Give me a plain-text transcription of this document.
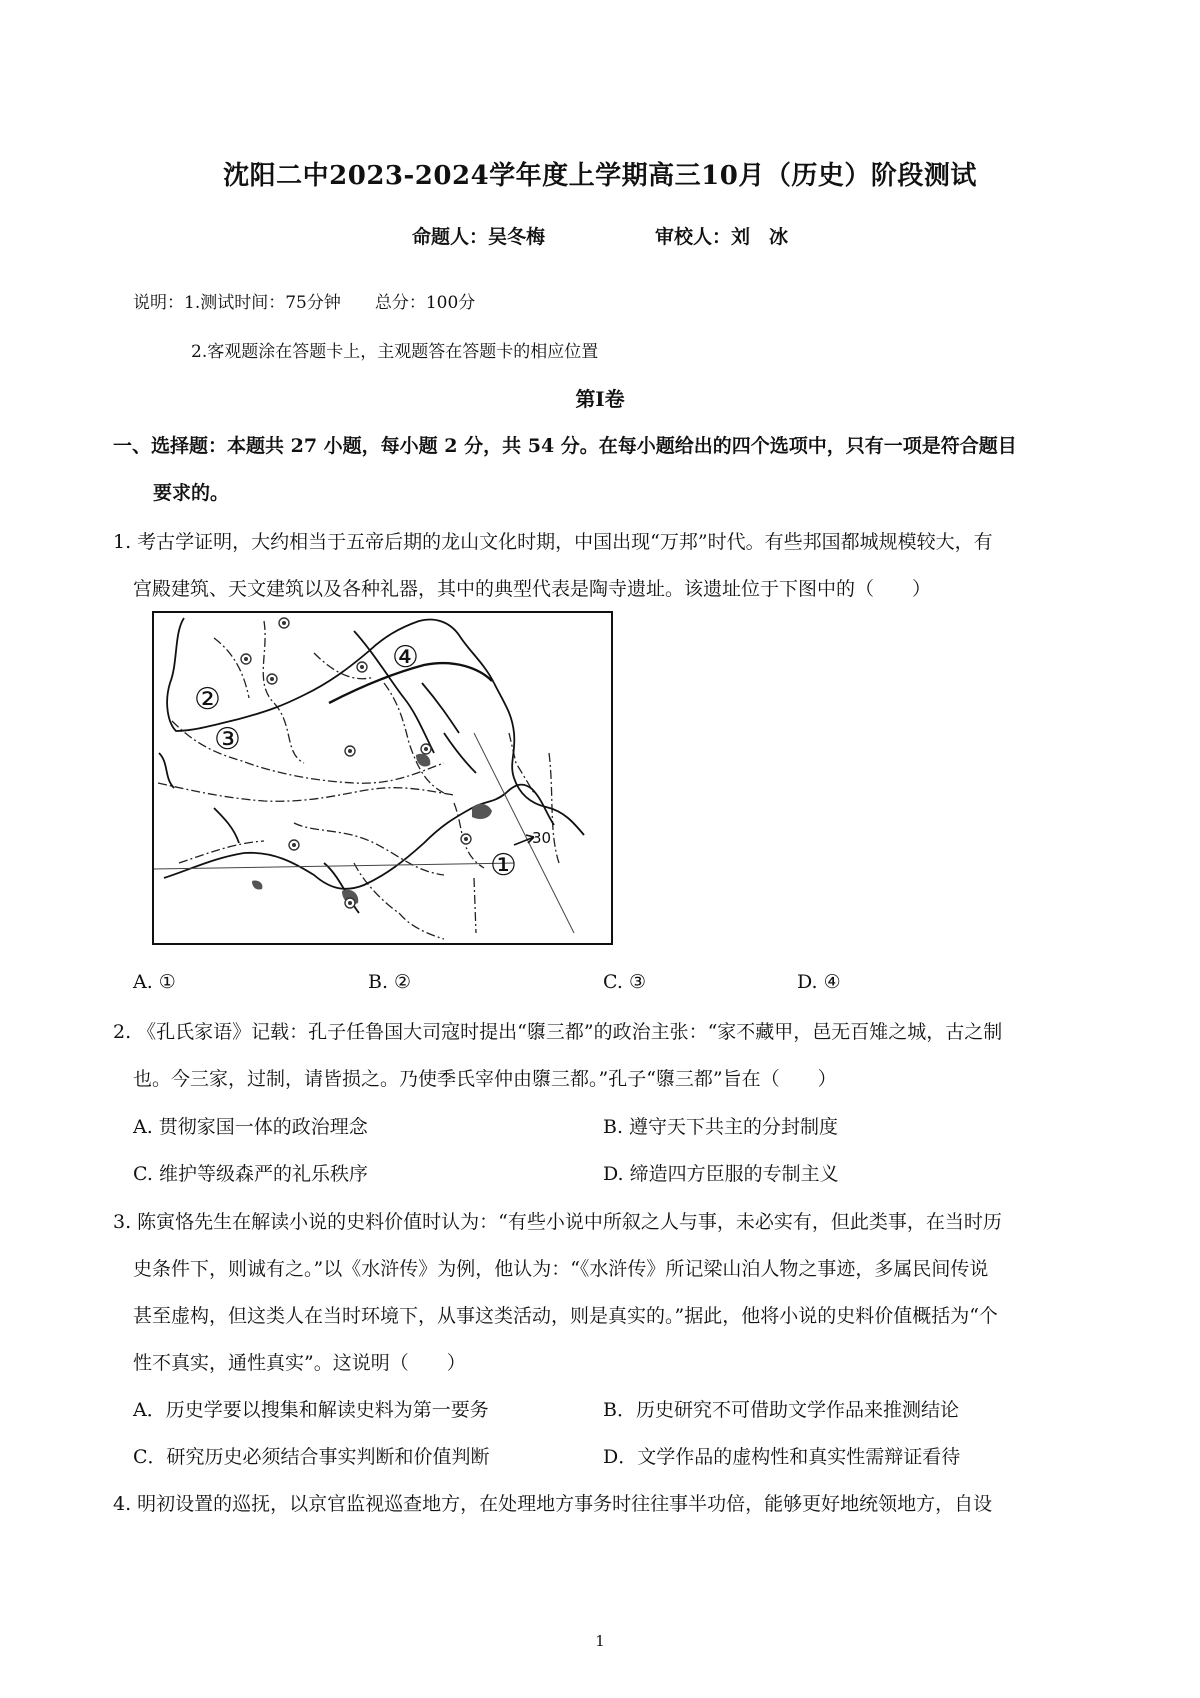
沈阳二中2023-2024学年度上学期高三10月（历史）阶段测试
命题人：吴冬梅	审校人：刘　冰
说明：1.测试时间：75分钟 总分：100分
2.客观题涂在答题卡上，主观题答在答题卡的相应位置
第Ⅰ卷
一、选择题：本题共 27 小题，每小题 2 分，共 54 分。在每小题给出的四个选项中，只有一项是符合题目
要求的。
1. 考古学证明，大约相当于五帝后期的龙山文化时期，中国出现“万邦”时代。有些邦国都城规模较大，有
宫殿建筑、天文建筑以及各种礼器，其中的典型代表是陶寺遗址。该遗址位于下图中的（　　）
①
②
③
④
30
A. ①	B. ②	C. ③	D. ④
2. 《孔氏家语》记载：孔子任鲁国大司寇时提出“隳三都”的政治主张：“家不藏甲，邑无百雉之城，古之制
也。今三家，过制，请皆损之。乃使季氏宰仲由隳三都。”孔子“隳三都”旨在（　　）
A. 贯彻家国一体的政治理念	B. 遵守天下共主的分封制度
C. 维护等级森严的礼乐秩序	D. 缔造四方臣服的专制主义
3. 陈寅恪先生在解读小说的史料价值时认为：“有些小说中所叙之人与事，未必实有，但此类事，在当时历
史条件下，则诚有之。”以《水浒传》为例，他认为：“《水浒传》所记梁山泊人物之事迹，多属民间传说
甚至虚构，但这类人在当时环境下，从事这类活动，则是真实的。”据此，他将小说的史料价值概括为“个
性不真实，通性真实”。这说明（　　）
A．历史学要以搜集和解读史料为第一要务	B．历史研究不可借助文学作品来推测结论
C．研究历史必须结合事实判断和价值判断	D．文学作品的虚构性和真实性需辩证看待
4. 明初设置的巡抚，以京官监视巡查地方，在处理地方事务时往往事半功倍，能够更好地统领地方，自设
1
